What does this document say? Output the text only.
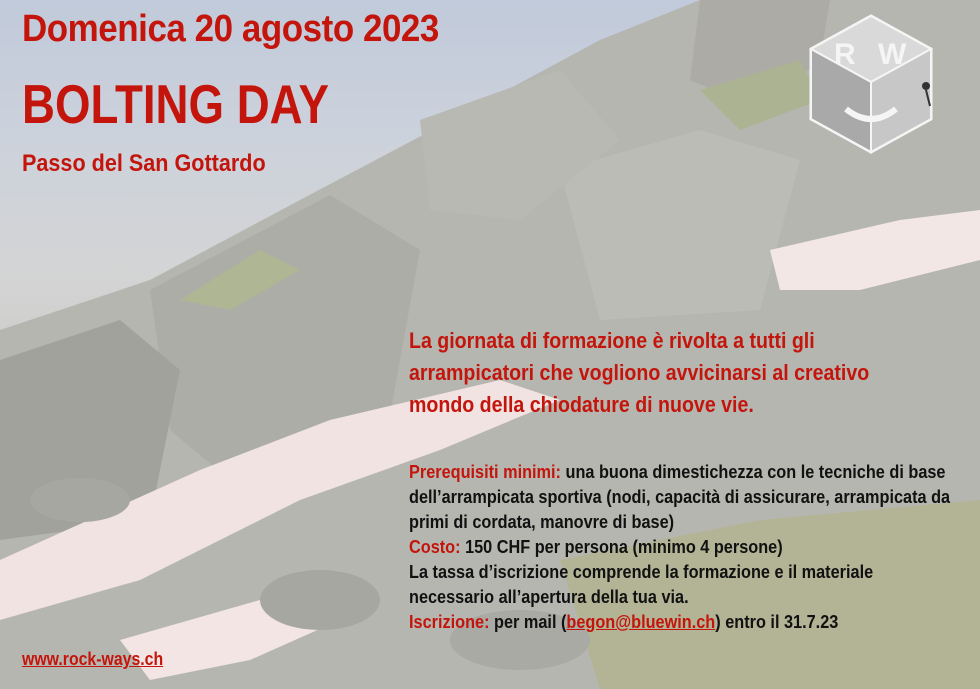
Domenica 20 agosto 2023
BOLTING DAY
Passo del San Gottardo
R W

La giornata di formazione è rivolta a tutti gli arrampicatori che vogliono avvicinarsi al creativo mondo della chiodature di nuove vie.

Prerequisiti minimi: una buona dimestichezza con le tecniche di base dell’arrampicata sportiva (nodi, capacità di assicurare, arrampicata da primi di cordata, manovre di base)

Costo: 150 CHF per persona (minimo 4 persone)

La tassa d’iscrizione comprende la formazione e il materiale necessario all’apertura della tua via.

Iscrizione: per mail (begon@bluewin.ch) entro il 31.7.23

www.rock-ways.ch
